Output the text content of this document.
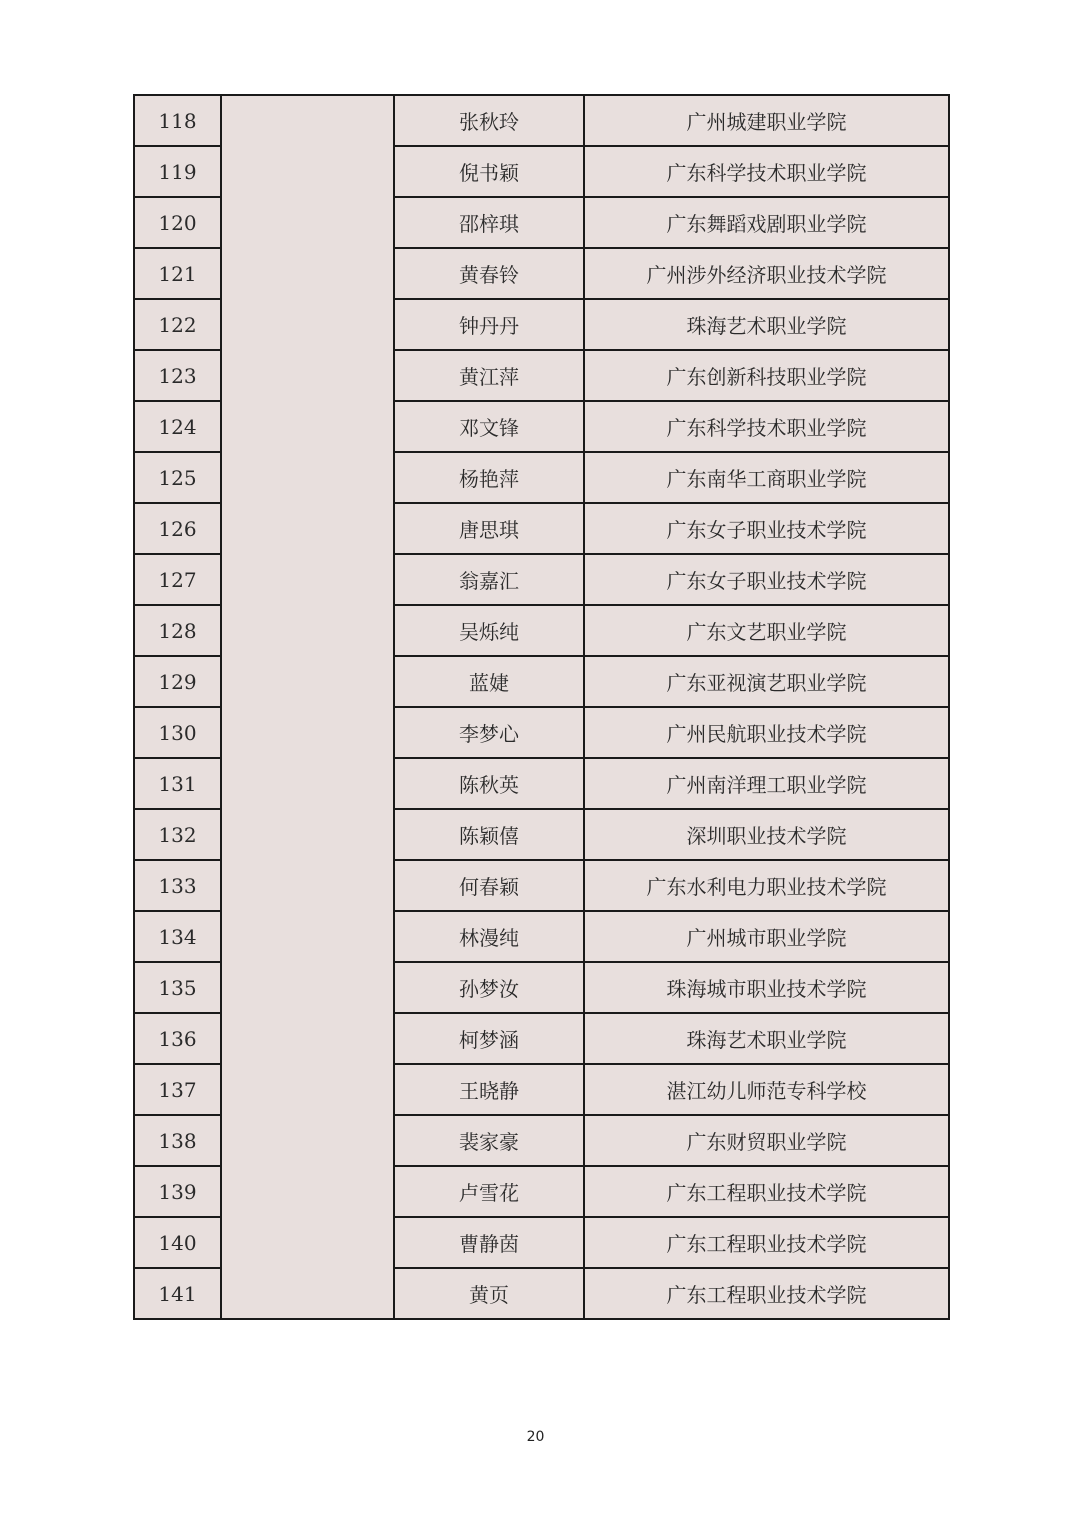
118		张秋玲	广州城建职业学院
119		倪书颖	广东科学技术职业学院
120		邵梓琪	广东舞蹈戏剧职业学院
121		黄春铃	广州涉外经济职业技术学院
122		钟丹丹	珠海艺术职业学院
123		黄江萍	广东创新科技职业学院
124		邓文锋	广东科学技术职业学院
125		杨艳萍	广东南华工商职业学院
126		唐思琪	广东女子职业技术学院
127		翁嘉汇	广东女子职业技术学院
128		吴烁纯	广东文艺职业学院
129		蓝婕	广东亚视演艺职业学院
130		李梦心	广州民航职业技术学院
131		陈秋英	广州南洋理工职业学院
132		陈颖僖	深圳职业技术学院
133		何春颖	广东水利电力职业技术学院
134		林漫纯	广州城市职业学院
135		孙梦汝	珠海城市职业技术学院
136		柯梦涵	珠海艺术职业学院
137		王晓静	湛江幼儿师范专科学校
138		裴家豪	广东财贸职业学院
139		卢雪花	广东工程职业技术学院
140		曹静茵	广东工程职业技术学院
141		黄页	广东工程职业技术学院
20
